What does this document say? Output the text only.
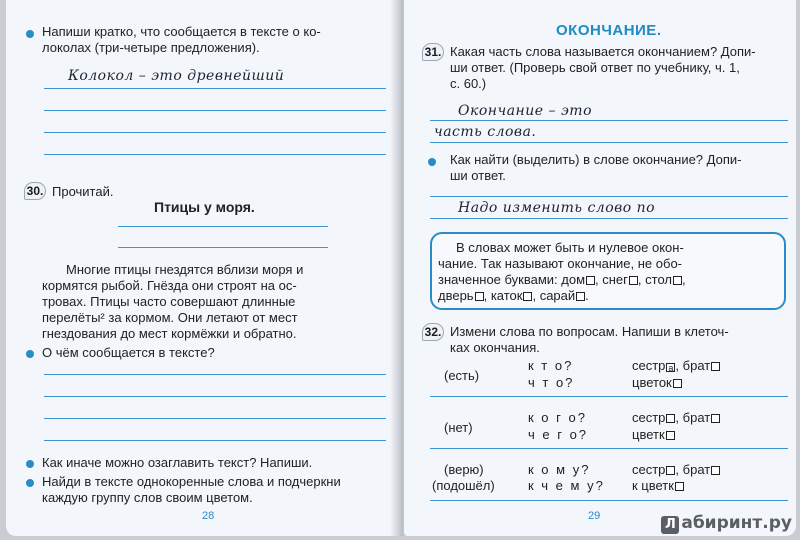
Напиши кратко, что сообщается в тексте о ко-
локолах (три-четыре предложения).
Колокол – это древнейший
30. Прочитай.
Птицы у моря.
Многие птицы гнездятся вблизи моря и
кормятся рыбой. Гнёзда они строят на ос-
тровах. Птицы часто совершают длинные
перелёты² за кормом. Они летают от мест
гнездования до мест кормёжки и обратно.
О чём сообщается в тексте?
Как иначе можно озаглавить текст? Напиши.
Найди в тексте однокоренные слова и подчеркни
каждую группу слов своим цветом.
28
ОКОНЧАНИЕ.
31. Какая часть слова называется окончанием? Допи-
ши ответ. (Проверь свой ответ по учебнику, ч. 1,
с. 60.)
Окончание – это
часть слова.
Как найти (выделить) в слове окончание? Допи-
ши ответ.
Надо изменить слово по
В словах может быть и нулевое окон-
чание. Так называют окончание, не обо-
значенное буквами: дом , снег , стол ,
дверь , каток , сарай .
32. Измени слова по вопросам. Напиши в клеточ-
ках окончания.
(есть)
к т о?
ч т о?
сестр а , брат
цветок
(нет)
к о г о?
ч е г о?
сестр , брат
цветк
(верю)
(подошёл)
к о м у?
к ч е м у?
сестр , брат
к цветк
29
Л абиринт.ру
